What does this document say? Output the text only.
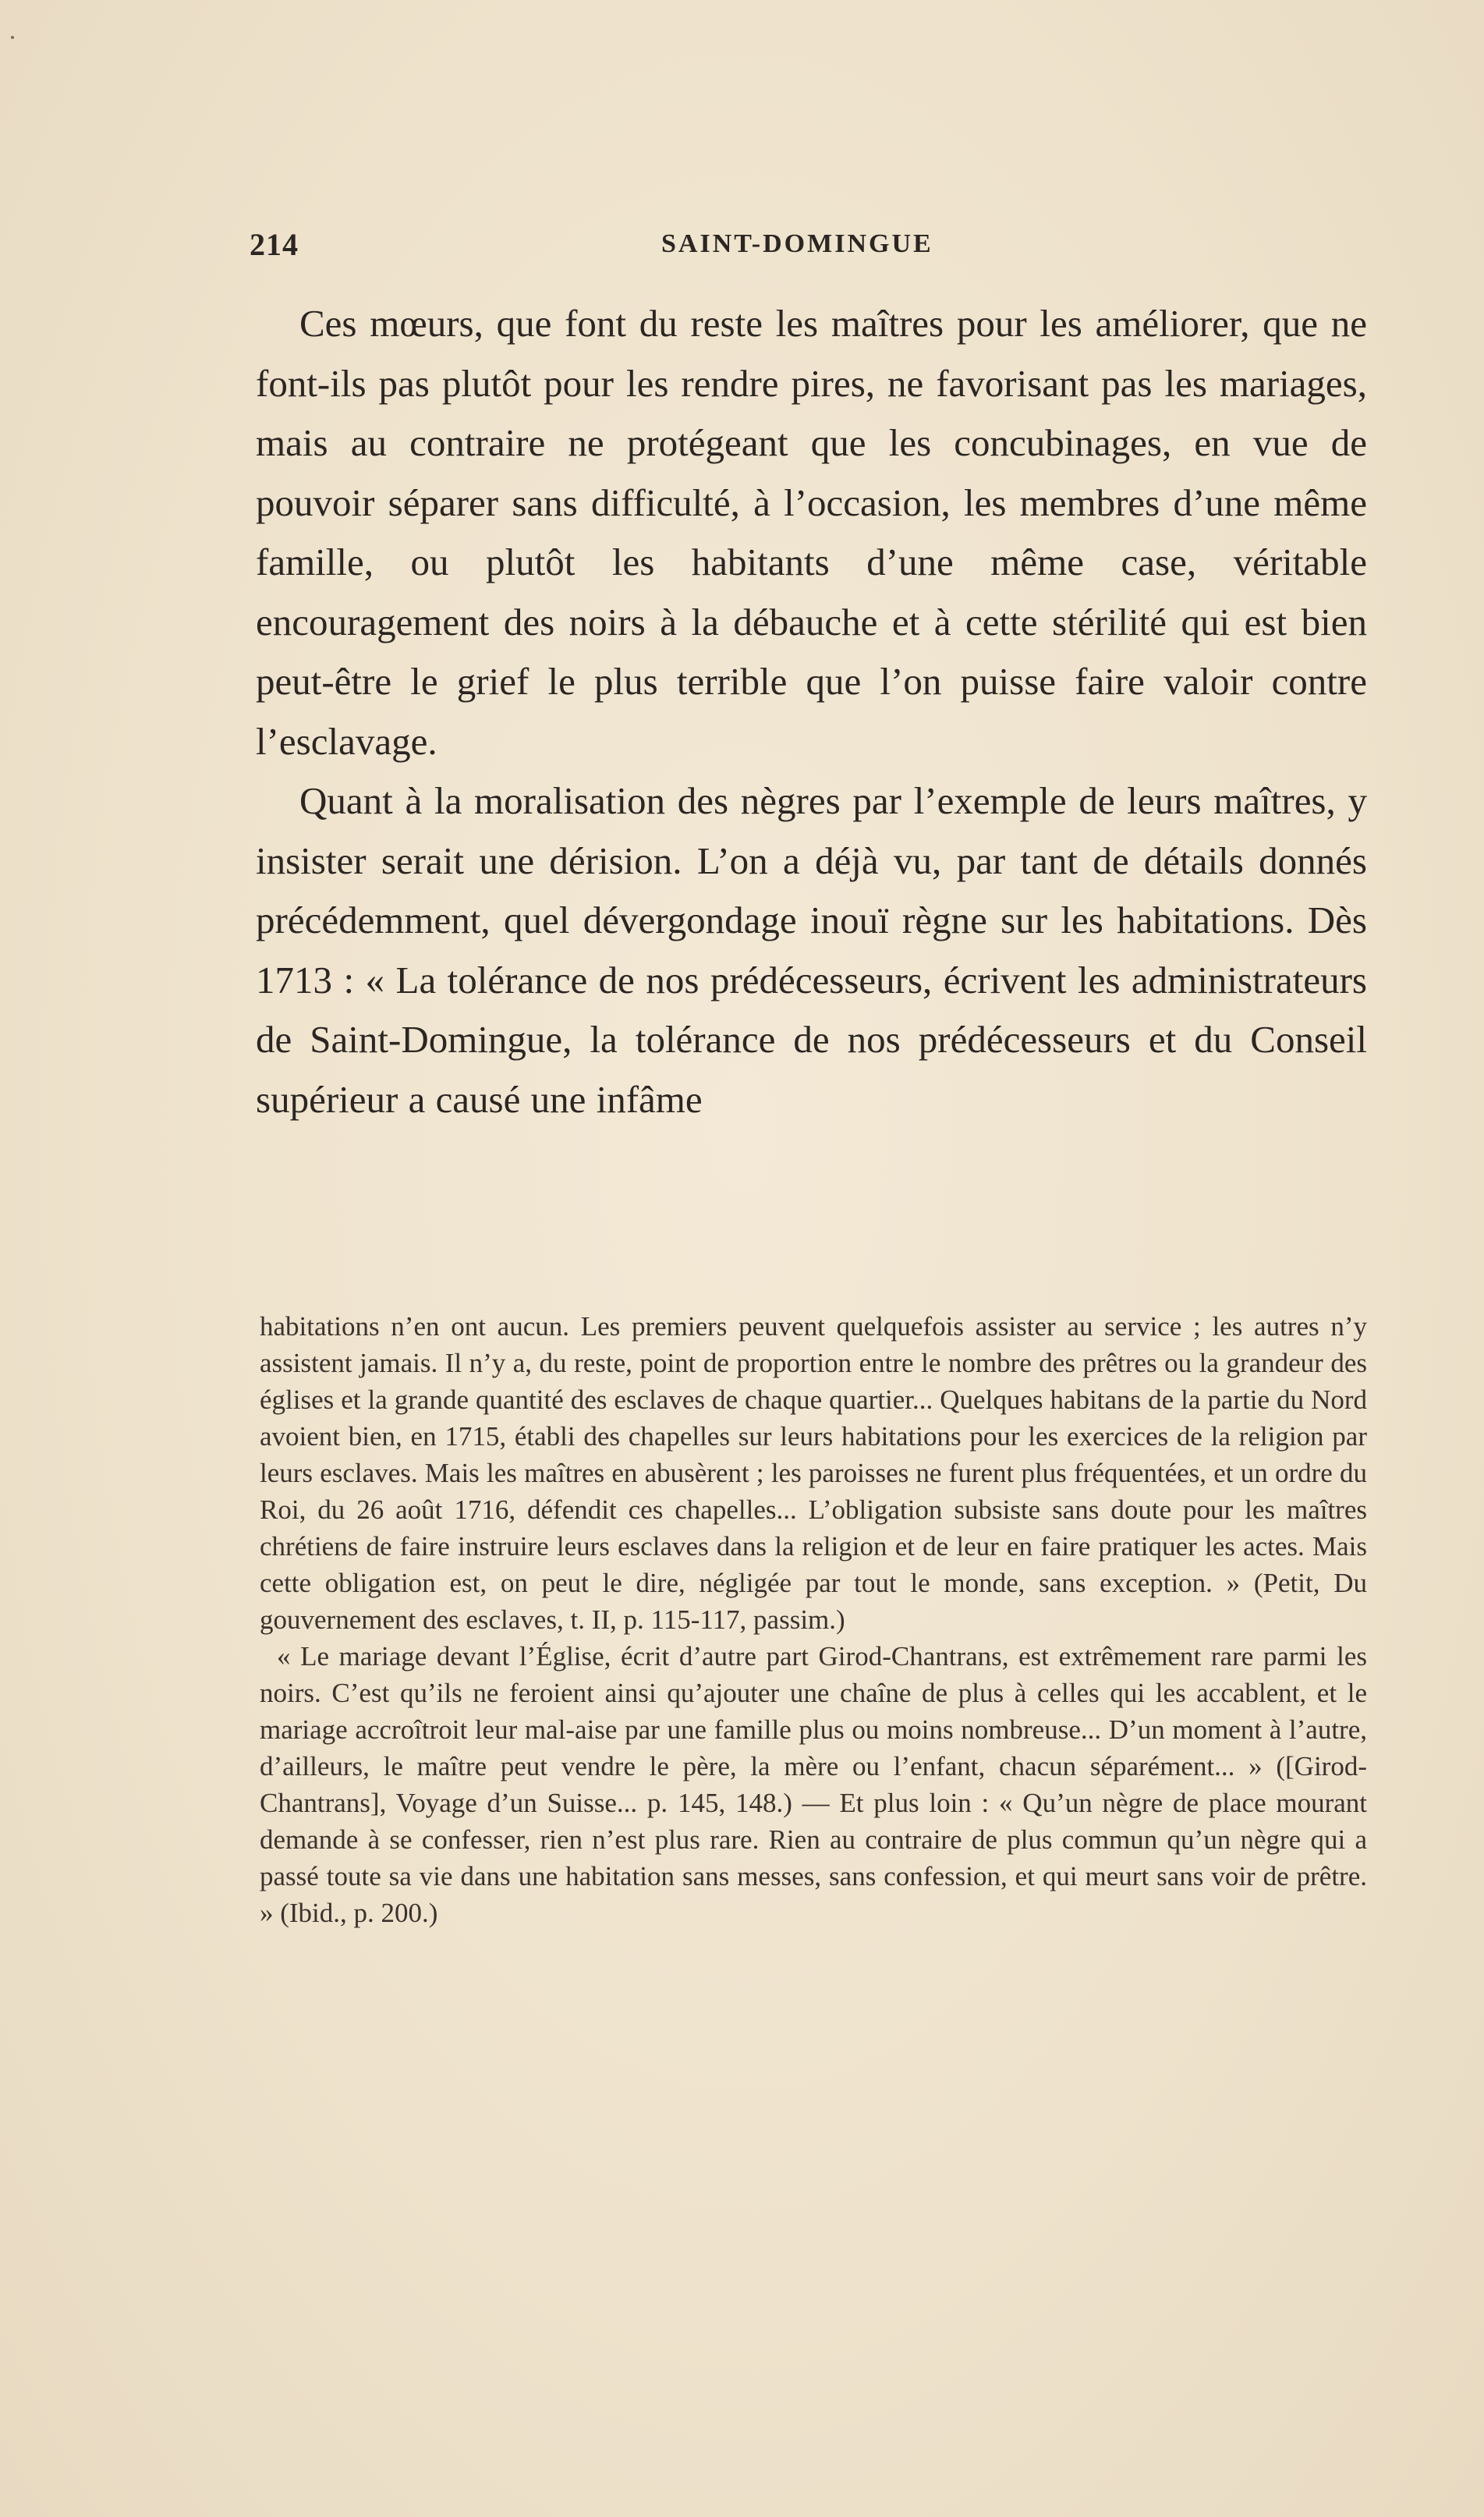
214	SAINT-DOMINGUE

Ces mœurs, que font du reste les maîtres pour les améliorer, que ne font-ils pas plutôt pour les rendre pires, ne favorisant pas les mariages, mais au contraire ne protégeant que les concubinages, en vue de pouvoir séparer sans difficulté, à l’occasion, les membres d’une même famille, ou plutôt les habitants d’une même case, véritable encouragement des noirs à la débauche et à cette stérilité qui est bien peut-être le grief le plus terrible que l’on puisse faire valoir contre l’esclavage.

Quant à la moralisation des nègres par l’exemple de leurs maîtres, y insister serait une dérision. L’on a déjà vu, par tant de détails donnés précédemment, quel dévergondage inouï règne sur les habitations. Dès 1713 : « La tolérance de nos prédécesseurs, écrivent les administrateurs de Saint-Domingue, la tolérance de nos prédécesseurs et du Conseil supérieur a causé une infâme

habitations n’en ont aucun. Les premiers peuvent quelquefois assister au service ; les autres n’y assistent jamais. Il n’y a, du reste, point de proportion entre le nombre des prêtres ou la grandeur des églises et la grande quantité des esclaves de chaque quartier... Quelques habitans de la partie du Nord avoient bien, en 1715, établi des chapelles sur leurs habitations pour les exercices de la religion par leurs esclaves. Mais les maîtres en abusèrent ; les paroisses ne furent plus fréquentées, et un ordre du Roi, du 26 août 1716, défendit ces chapelles... L’obligation subsiste sans doute pour les maîtres chrétiens de faire instruire leurs esclaves dans la religion et de leur en faire pratiquer les actes. Mais cette obligation est, on peut le dire, négligée par tout le monde, sans exception. » (Petit, Du gouvernement des esclaves, t. II, p. 115-117, passim.)

« Le mariage devant l’Église, écrit d’autre part Girod-Chantrans, est extrêmement rare parmi les noirs. C’est qu’ils ne feroient ainsi qu’ajouter une chaîne de plus à celles qui les accablent, et le mariage accroîtroit leur mal-aise par une famille plus ou moins nombreuse... D’un moment à l’autre, d’ailleurs, le maître peut vendre le père, la mère ou l’enfant, chacun séparément... » ([Girod-Chantrans], Voyage d’un Suisse... p. 145, 148.) — Et plus loin : « Qu’un nègre de place mourant demande à se confesser, rien n’est plus rare. Rien au contraire de plus commun qu’un nègre qui a passé toute sa vie dans une habitation sans messes, sans confession, et qui meurt sans voir de prêtre. » (Ibid., p. 200.)
